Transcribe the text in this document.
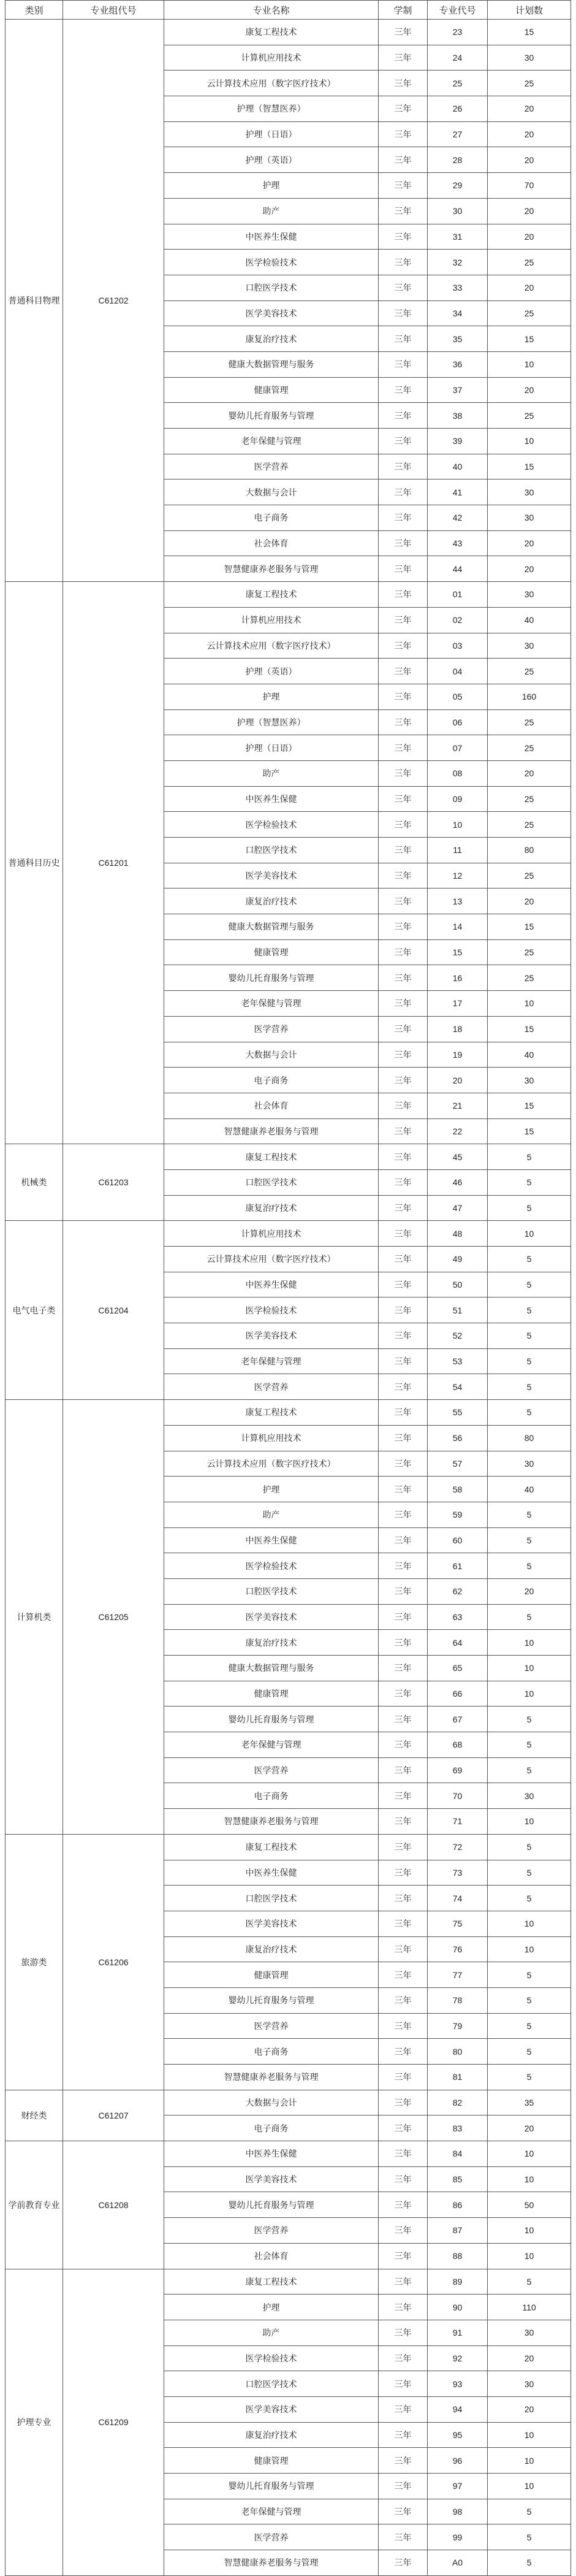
类别	专业组代号	专业名称	学制	专业代号	计划数
普通科目物理	C61202	康复工程技术	三年	23	15
		计算机应用技术	三年	24	30
		云计算技术应用（数字医疗技术）	三年	25	25
		护理（智慧医养）	三年	26	20
		护理（日语）	三年	27	20
		护理（英语）	三年	28	20
		护理	三年	29	70
		助产	三年	30	20
		中医养生保健	三年	31	20
		医学检验技术	三年	32	25
		口腔医学技术	三年	33	20
		医学美容技术	三年	34	25
		康复治疗技术	三年	35	15
		健康大数据管理与服务	三年	36	10
		健康管理	三年	37	20
		婴幼儿托育服务与管理	三年	38	25
		老年保健与管理	三年	39	10
		医学营养	三年	40	15
		大数据与会计	三年	41	30
		电子商务	三年	42	30
		社会体育	三年	43	20
		智慧健康养老服务与管理	三年	44	20
普通科目历史	C61201	康复工程技术	三年	01	30
		计算机应用技术	三年	02	40
		云计算技术应用（数字医疗技术）	三年	03	30
		护理（英语）	三年	04	25
		护理	三年	05	160
		护理（智慧医养）	三年	06	25
		护理（日语）	三年	07	25
		助产	三年	08	20
		中医养生保健	三年	09	25
		医学检验技术	三年	10	25
		口腔医学技术	三年	11	80
		医学美容技术	三年	12	25
		康复治疗技术	三年	13	20
		健康大数据管理与服务	三年	14	15
		健康管理	三年	15	25
		婴幼儿托育服务与管理	三年	16	25
		老年保健与管理	三年	17	10
		医学营养	三年	18	15
		大数据与会计	三年	19	40
		电子商务	三年	20	30
		社会体育	三年	21	15
		智慧健康养老服务与管理	三年	22	15
机械类	C61203	康复工程技术	三年	45	5
		口腔医学技术	三年	46	5
		康复治疗技术	三年	47	5
电气电子类	C61204	计算机应用技术	三年	48	10
		云计算技术应用（数字医疗技术）	三年	49	5
		中医养生保健	三年	50	5
		医学检验技术	三年	51	5
		医学美容技术	三年	52	5
		老年保健与管理	三年	53	5
		医学营养	三年	54	5
计算机类	C61205	康复工程技术	三年	55	5
		计算机应用技术	三年	56	80
		云计算技术应用（数字医疗技术）	三年	57	30
		护理	三年	58	40
		助产	三年	59	5
		中医养生保健	三年	60	5
		医学检验技术	三年	61	5
		口腔医学技术	三年	62	20
		医学美容技术	三年	63	5
		康复治疗技术	三年	64	10
		健康大数据管理与服务	三年	65	10
		健康管理	三年	66	10
		婴幼儿托育服务与管理	三年	67	5
		老年保健与管理	三年	68	5
		医学营养	三年	69	5
		电子商务	三年	70	30
		智慧健康养老服务与管理	三年	71	10
旅游类	C61206	康复工程技术	三年	72	5
		中医养生保健	三年	73	5
		口腔医学技术	三年	74	5
		医学美容技术	三年	75	10
		康复治疗技术	三年	76	10
		健康管理	三年	77	5
		婴幼儿托育服务与管理	三年	78	5
		医学营养	三年	79	5
		电子商务	三年	80	5
		智慧健康养老服务与管理	三年	81	5
财经类	C61207	大数据与会计	三年	82	35
		电子商务	三年	83	20
学前教育专业	C61208	中医养生保健	三年	84	10
		医学美容技术	三年	85	10
		婴幼儿托育服务与管理	三年	86	50
		医学营养	三年	87	10
		社会体育	三年	88	10
护理专业	C61209	康复工程技术	三年	89	5
		护理	三年	90	110
		助产	三年	91	30
		医学检验技术	三年	92	20
		口腔医学技术	三年	93	30
		医学美容技术	三年	94	20
		康复治疗技术	三年	95	10
		健康管理	三年	96	10
		婴幼儿托育服务与管理	三年	97	10
		老年保健与管理	三年	98	5
		医学营养	三年	99	5
		智慧健康养老服务与管理	三年	A0	5
